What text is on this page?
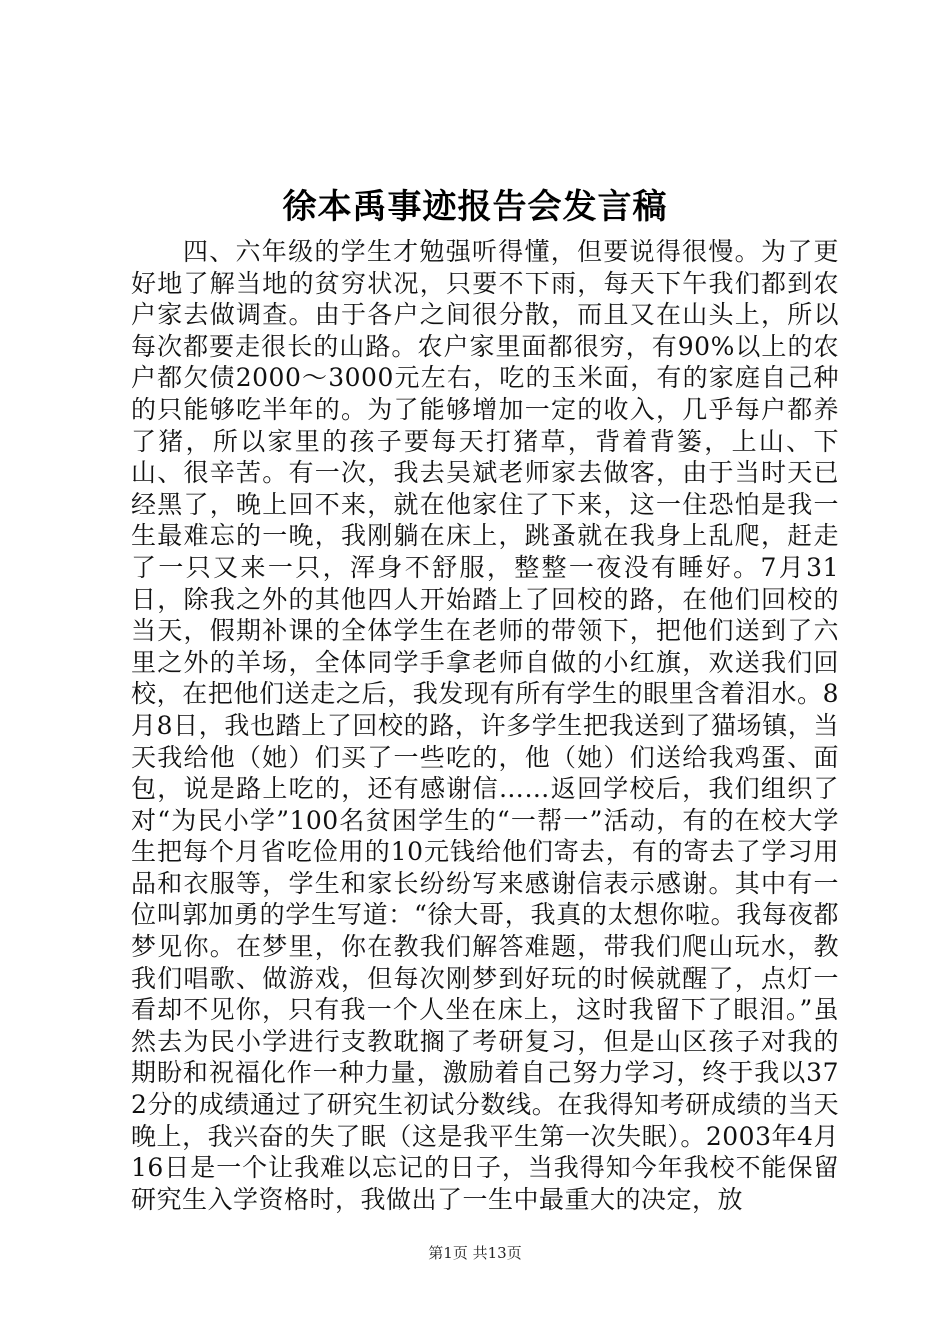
徐本禹事迹报告会发言稿

四、六年级的学生才勉强听得懂，但要说得很慢。为了更好地了解当地的贫穷状况，只要不下雨，每天下午我们都到农户家去做调查。由于各户之间很分散，而且又在山头上，所以每次都要走很长的山路。农户家里面都很穷，有90%以上的农户都欠债2000～3000元左右，吃的玉米面，有的家庭自己种的只能够吃半年的。为了能够增加一定的收入，几乎每户都养了猪，所以家里的孩子要每天打猪草，背着背篓，上山、下山、很辛苦。有一次，我去吴斌老师家去做客，由于当时天已经黑了，晚上回不来，就在他家住了下来，这一住恐怕是我一生最难忘的一晚，我刚躺在床上，跳蚤就在我身上乱爬，赶走了一只又来一只，浑身不舒服，整整一夜没有睡好。7月31日，除我之外的其他四人开始踏上了回校的路，在他们回校的当天，假期补课的全体学生在老师的带领下，把他们送到了六里之外的羊场，全体同学手拿老师自做的小红旗，欢送我们回校，在把他们送走之后，我发现有所有学生的眼里含着泪水。8月8日，我也踏上了回校的路，许多学生把我送到了猫场镇，当天我给他（她）们买了一些吃的，他（她）们送给我鸡蛋、面包，说是路上吃的，还有感谢信……返回学校后，我们组织了对“为民小学”100名贫困学生的“一帮一”活动，有的在校大学生把每个月省吃俭用的10元钱给他们寄去，有的寄去了学习用品和衣服等，学生和家长纷纷写来感谢信表示感谢。其中有一位叫郭加勇的学生写道：“徐大哥，我真的太想你啦。我每夜都梦见你。在梦里，你在教我们解答难题，带我们爬山玩水，教我们唱歌、做游戏，但每次刚梦到好玩的时候就醒了，点灯一看却不见你，只有我一个人坐在床上，这时我留下了眼泪。”虽然去为民小学进行支教耽搁了考研复习，但是山区孩子对我的期盼和祝福化作一种力量，激励着自己努力学习，终于我以372分的成绩通过了研究生初试分数线。在我得知考研成绩的当天晚上，我兴奋的失了眠（这是我平生第一次失眠）。2003年4月16日是一个让我难以忘记的日子，当我得知今年我校不能保留研究生入学资格时，我做出了一生中最重大的决定，放

第1页 共13页
